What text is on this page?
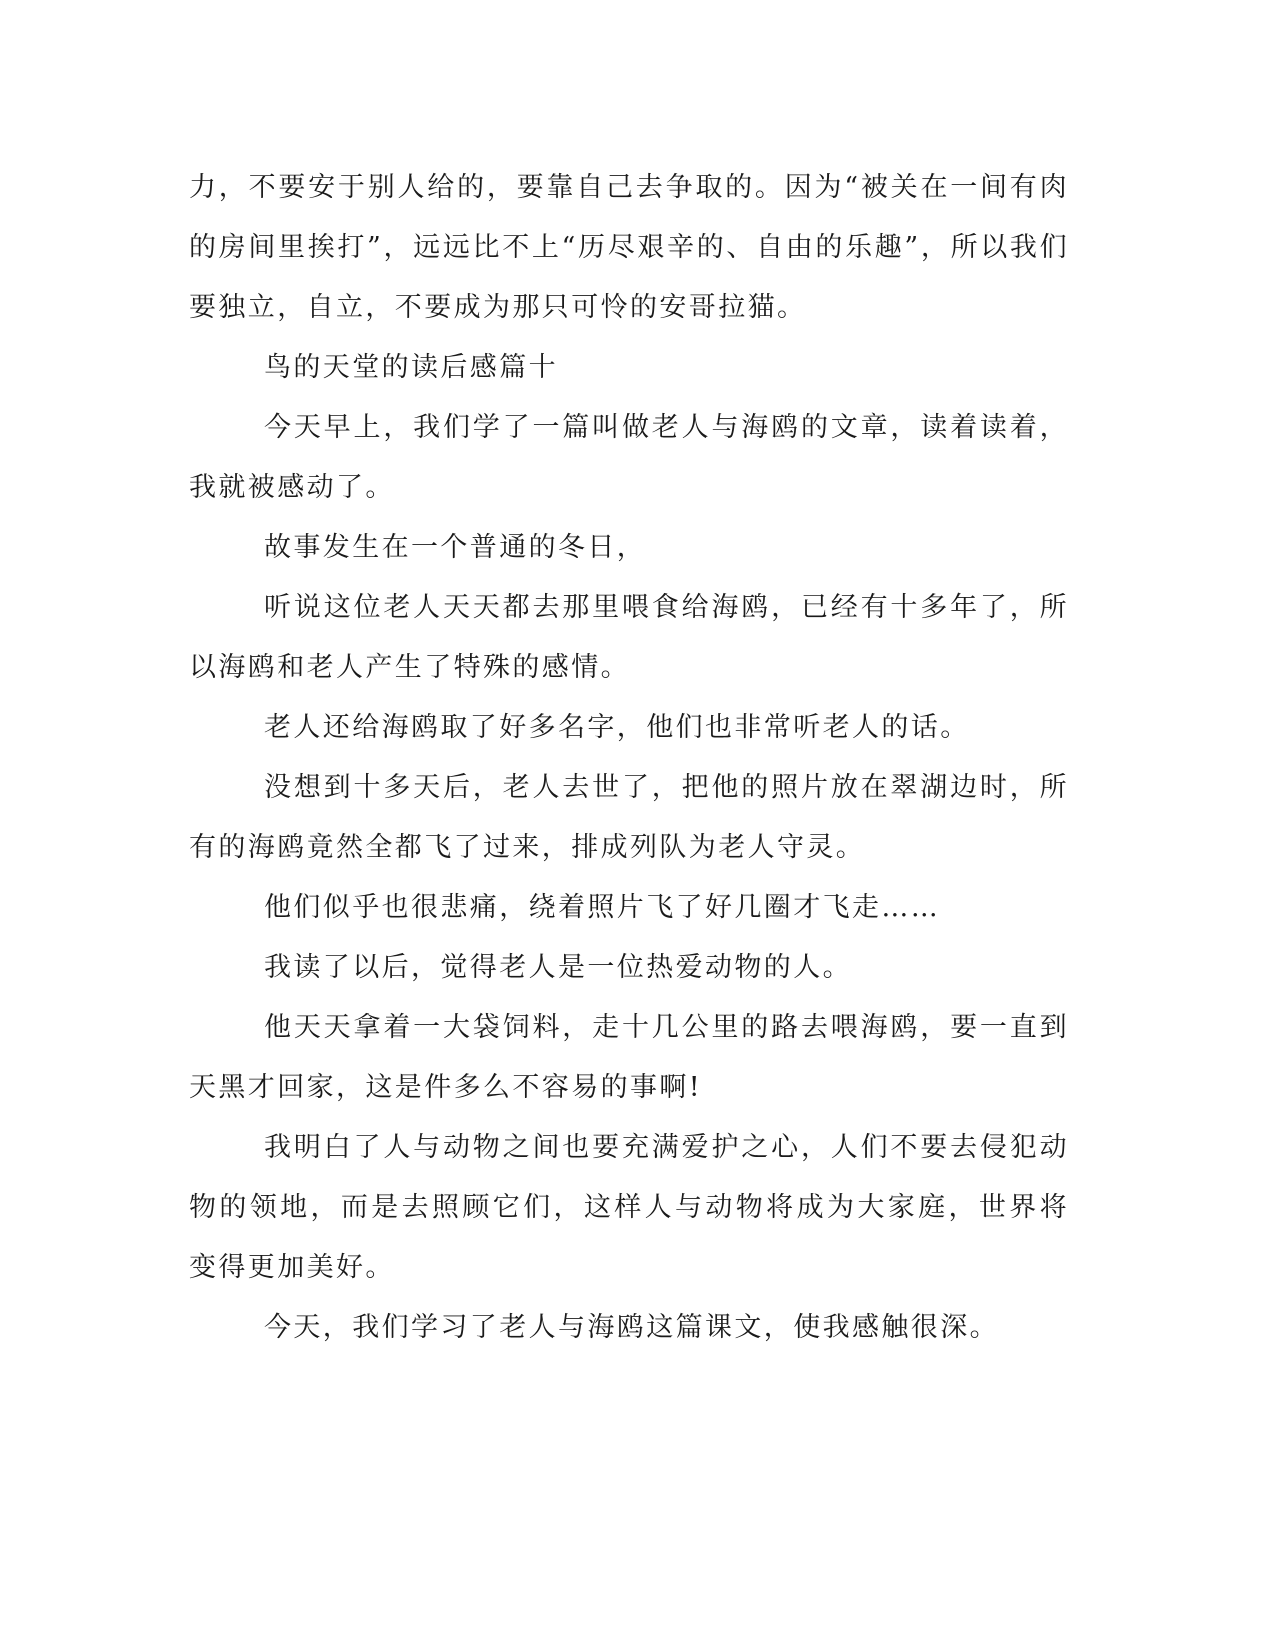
力，不要安于别人给的，要靠自己去争取的。因为“被关在一间有肉的房间里挨打”，远远比不上“历尽艰辛的、自由的乐趣”，所以我们要独立，自立，不要成为那只可怜的安哥拉猫。

鸟的天堂的读后感篇十

今天早上，我们学了一篇叫做老人与海鸥的文章，读着读着，我就被感动了。

故事发生在一个普通的冬日，

听说这位老人天天都去那里喂食给海鸥，已经有十多年了，所以海鸥和老人产生了特殊的感情。

老人还给海鸥取了好多名字，他们也非常听老人的话。

没想到十多天后，老人去世了，把他的照片放在翠湖边时，所有的海鸥竟然全都飞了过来，排成列队为老人守灵。

他们似乎也很悲痛，绕着照片飞了好几圈才飞走……

我读了以后，觉得老人是一位热爱动物的人。

他天天拿着一大袋饲料，走十几公里的路去喂海鸥，要一直到天黑才回家，这是件多么不容易的事啊!

我明白了人与动物之间也要充满爱护之心，人们不要去侵犯动物的领地，而是去照顾它们，这样人与动物将成为大家庭，世界将变得更加美好。

今天，我们学习了老人与海鸥这篇课文，使我感触很深。
